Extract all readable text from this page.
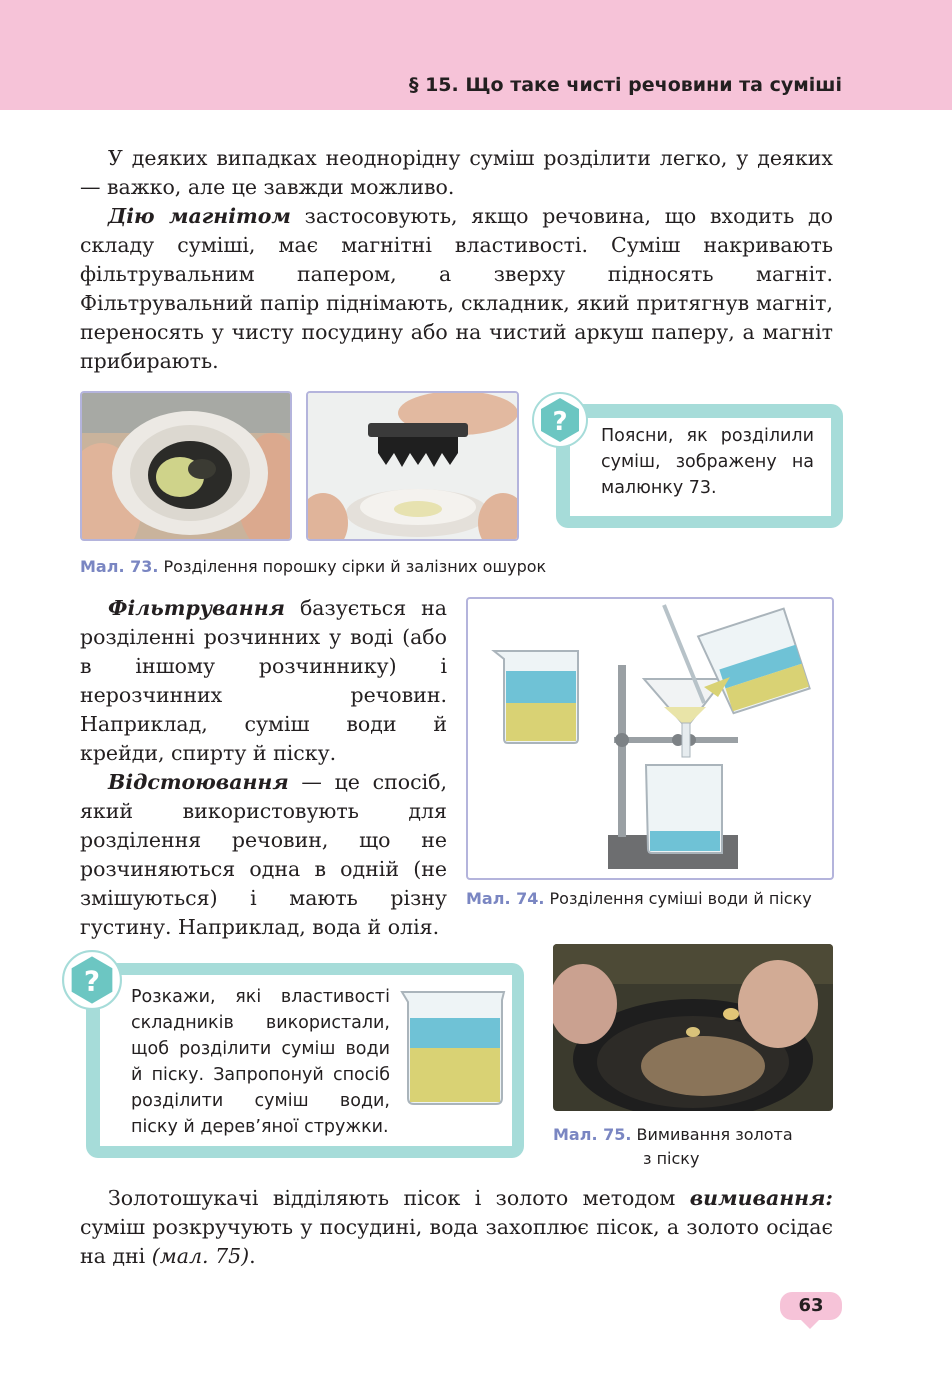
§ 15. Що таке чисті речовини та суміші

У деяких випадках неоднорідну суміш розділити легко, у деяких — важко, але це завжди можливо.

Дію магнітом застосовують, якщо речовина, що входить до складу суміші, має магнітні властивості. Суміш накривають фільтрувальним папером, а зверху підносять магніт. Фільтрувальний папір піднімають, складник, який притягнув магніт, переносять у чисту посудину або на чистий аркуш паперу, а магніт прибирають.

? Поясни, як розділили суміш, зображену на малюнку 73.
Мал. 73. Розділення порошку сірки й залізних ошурок

Фільтрування базується на розділенні розчинних у воді (або в іншому розчиннику) і нерозчинних речовин. Наприклад, суміш води й крейди, спирту й піску.

Відстоювання — це спосіб, який використовують для розділення речовин, що не розчиняються одна в одній (не змішуються) і мають різну густину. Наприклад, вода й олія.

Мал. 74. Розділення суміші води й піску
? Розкажи, які властивості складників використали, щоб розділити суміш води й піску. Запропонуй спосіб розділити суміш води, піску й дерев’яної стружки.	Мал. 75. Вимивання золота
з піску

Золотошукачі відділяють пісок і золото методом вимивання: суміш розкручують у посудині, вода захоплює пісок, а золото осідає на дні (мал. 75).

63
